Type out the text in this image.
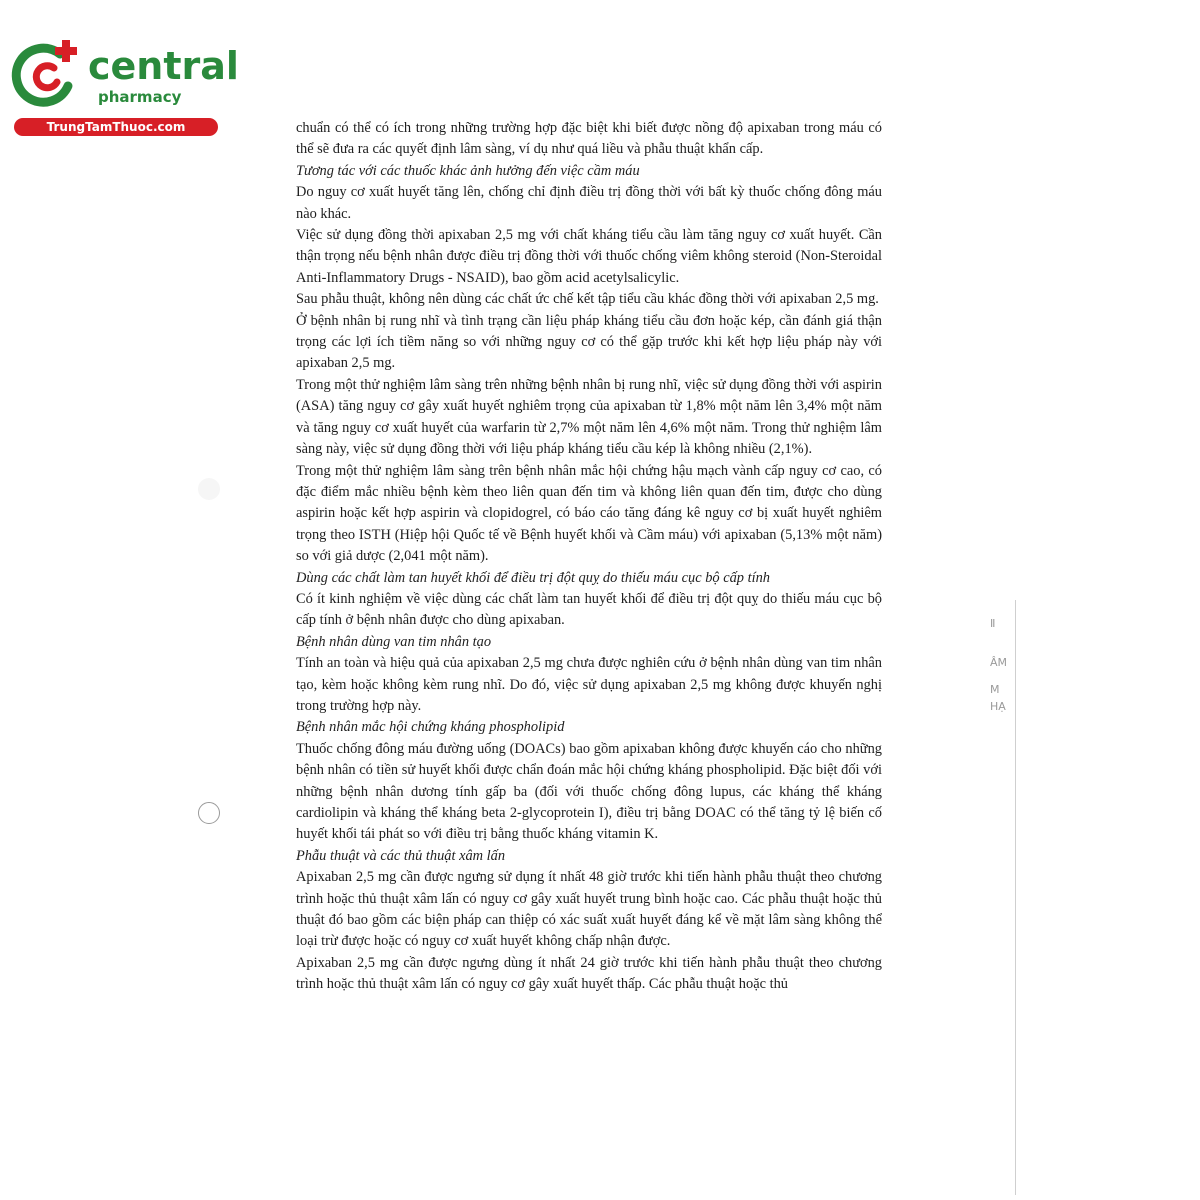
central
pharmacy
TrungTamThuoc.com	chuẩn có thể có ích trong những trường hợp đặc biệt khi biết được nồng độ apixaban trong máu có thể sẽ đưa ra các quyết định lâm sàng, ví dụ như quá liều và phẫu thuật khẩn cấp.

Tương tác với các thuốc khác ảnh hưởng đến việc cầm máu

Do nguy cơ xuất huyết tăng lên, chống chỉ định điều trị đồng thời với bất kỳ thuốc chống đông máu nào khác.

Việc sử dụng đồng thời apixaban 2,5 mg với chất kháng tiểu cầu làm tăng nguy cơ xuất huyết. Cần thận trọng nếu bệnh nhân được điều trị đồng thời với thuốc chống viêm không steroid (Non-Steroidal Anti-Inflammatory Drugs - NSAID), bao gồm acid acetylsalicylic.

Sau phẫu thuật, không nên dùng các chất ức chế kết tập tiểu cầu khác đồng thời với apixaban 2,5 mg.

Ở bệnh nhân bị rung nhĩ và tình trạng cần liệu pháp kháng tiểu cầu đơn hoặc kép, cần đánh giá thận trọng các lợi ích tiềm năng so với những nguy cơ có thể gặp trước khi kết hợp liệu pháp này với apixaban 2,5 mg.

Trong một thử nghiệm lâm sàng trên những bệnh nhân bị rung nhĩ, việc sử dụng đồng thời với aspirin (ASA) tăng nguy cơ gây xuất huyết nghiêm trọng của apixaban từ 1,8% một năm lên 3,4% một năm và tăng nguy cơ xuất huyết của warfarin từ 2,7% một năm lên 4,6% một năm. Trong thử nghiệm lâm sàng này, việc sử dụng đồng thời với liệu pháp kháng tiểu cầu kép là không nhiều (2,1%).

Trong một thử nghiệm lâm sàng trên bệnh nhân mắc hội chứng hậu mạch vành cấp nguy cơ cao, có đặc điểm mắc nhiều bệnh kèm theo liên quan đến tim và không liên quan đến tim, được cho dùng aspirin hoặc kết hợp aspirin và clopidogrel, có báo cáo tăng đáng kê nguy cơ bị xuất huyết nghiêm trọng theo ISTH (Hiệp hội Quốc tế về Bệnh huyết khối và Cầm máu) với apixaban (5,13% một năm) so với giả dược (2,041 một năm).

Dùng các chất làm tan huyết khối để điều trị đột quỵ do thiếu máu cục bộ cấp tính

Có ít kinh nghiệm về việc dùng các chất làm tan huyết khối để điều trị đột quỵ do thiếu máu cục bộ cấp tính ở bệnh nhân được cho dùng apixaban.

Bệnh nhân dùng van tim nhân tạo

Tính an toàn và hiệu quả của apixaban 2,5 mg chưa được nghiên cứu ở bệnh nhân dùng van tim nhân tạo, kèm hoặc không kèm rung nhĩ. Do đó, việc sử dụng apixaban 2,5 mg không được khuyến nghị trong trường hợp này.

Bệnh nhân mắc hội chứng kháng phospholipid

Thuốc chống đông máu đường uống (DOACs) bao gồm apixaban không được khuyến cáo cho những bệnh nhân có tiền sử huyết khối được chẩn đoán mắc hội chứng kháng phospholipid. Đặc biệt đối với những bệnh nhân dương tính gấp ba (đối với thuốc chống đông lupus, các kháng thể kháng cardiolipin và kháng thể kháng beta 2-glycoprotein I), điều trị bằng DOAC có thể tăng tỷ lệ biến cố huyết khối tái phát so với điều trị bằng thuốc kháng vitamin K.

Phẫu thuật và các thủ thuật xâm lấn

Apixaban 2,5 mg cần được ngưng sử dụng ít nhất 48 giờ trước khi tiến hành phẫu thuật theo chương trình hoặc thủ thuật xâm lấn có nguy cơ gây xuất huyết trung bình hoặc cao. Các phẫu thuật hoặc thủ thuật đó bao gồm các biện pháp can thiệp có xác suất xuất huyết đáng kể về mặt lâm sàng không thể loại trừ được hoặc có nguy cơ xuất huyết không chấp nhận được.

Apixaban 2,5 mg cần được ngưng dùng ít nhất 24 giờ trước khi tiến hành phẫu thuật theo chương trình hoặc thủ thuật xâm lấn có nguy cơ gây xuất huyết thấp. Các phẫu thuật hoặc thủ

Ⅱ
ÂM
M
HẠ
